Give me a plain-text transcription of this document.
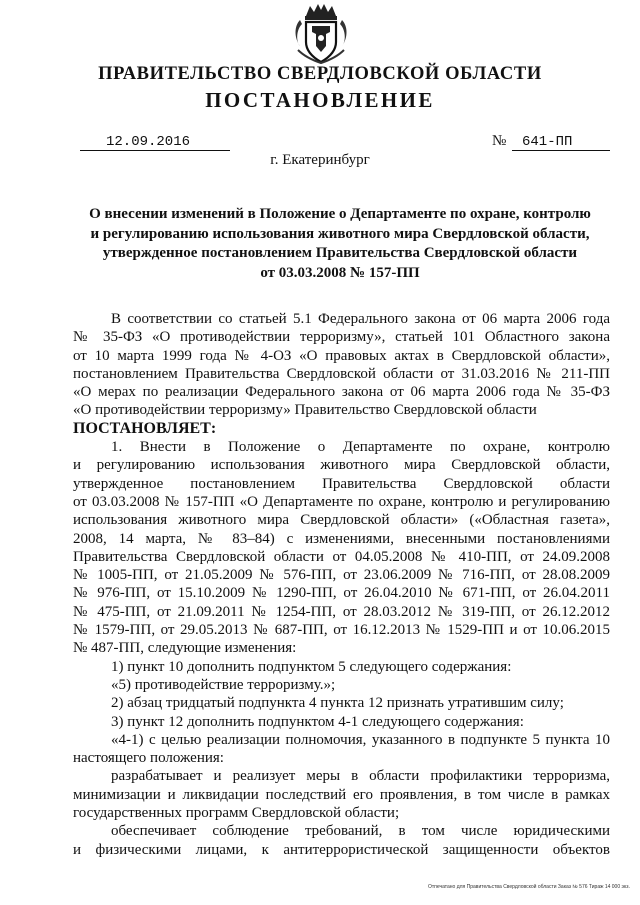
ПРАВИТЕЛЬСТВО СВЕРДЛОВСКОЙ ОБЛАСТИ
ПОСТАНОВЛЕНИЕ
12.09.2016	№	641-ПП
г. Екатеринбург
О внесении изменений в Положение о Департаменте по охране, контролю
и регулированию использования животного мира Свердловской области,
утвержденное постановлением Правительства Свердловской области
от 03.03.2008 № 157-ПП
В соответствии со статьей 5.1 Федерального закона от 06 марта 2006 года
№ 35-ФЗ «О противодействии терроризму», статьей 101 Областного закона
от 10 марта 1999 года № 4-ОЗ «О правовых актах в Свердловской области»,
постановлением Правительства Свердловской области от 31.03.2016 № 211-ПП
«О мерах по реализации Федерального закона от 06 марта 2006 года № 35-ФЗ
«О противодействии терроризму» Правительство Свердловской области
ПОСТАНОВЛЯЕТ:
1. Внести в Положение о Департаменте по охране, контролю
и регулированию использования животного мира Свердловской области,
утвержденное постановлением Правительства Свердловской области
от 03.03.2008 № 157-ПП «О Департаменте по охране, контролю и регулированию
использования животного мира Свердловской области» («Областная газета»,
2008, 14 марта, № 83–84) с изменениями, внесенными постановлениями
Правительства Свердловской области от 04.05.2008 № 410-ПП, от 24.09.2008
№ 1005-ПП, от 21.05.2009 № 576-ПП, от 23.06.2009 № 716-ПП, от 28.08.2009
№ 976-ПП, от 15.10.2009 № 1290-ПП, от 26.04.2010 № 671-ПП, от 26.04.2011
№ 475-ПП, от 21.09.2011 № 1254-ПП, от 28.03.2012 № 319-ПП, от 26.12.2012
№ 1579-ПП, от 29.05.2013 № 687-ПП, от 16.12.2013 № 1529-ПП и от 10.06.2015
№ 487-ПП, следующие изменения:
1) пункт 10 дополнить подпунктом 5 следующего содержания:
«5) противодействие терроризму.»;
2) абзац тридцатый подпункта 4 пункта 12 признать утратившим силу;
3) пункт 12 дополнить подпунктом 4-1 следующего содержания:
«4-1) с целью реализации полномочия, указанного в подпункте 5 пункта 10
настоящего положения:
разрабатывает и реализует меры в области профилактики терроризма,
минимизации и ликвидации последствий его проявления, в том числе в рамках
государственных программ Свердловской области;
обеспечивает соблюдение требований, в том числе юридическими
и физическими лицами, к антитеррористической защищенности объектов
Отпечатано для Правительства Свердловской области Заказ № 576 Тираж 14 000 экз.
